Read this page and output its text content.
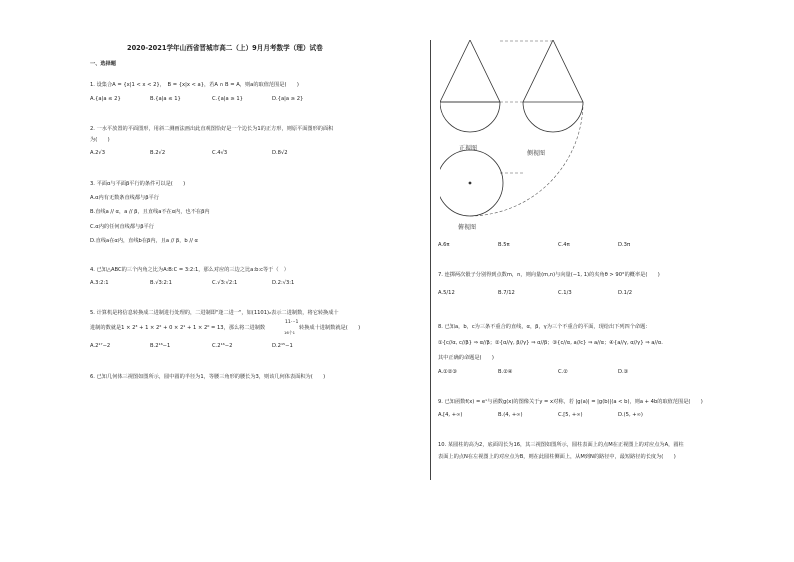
2020-2021学年山西省晋城市高二（上）9月月考数学（理）试卷
一、选择题
1. 设集合A = {x|1 < x < 2}，　B = {x|x < a}，若A ∩ B = A，则a的取值范围是(　　)
A.{a|a ≤ 2}	B.{a|a ≤ 1}	C.{a|a ≥ 1}	D.{a|a ≥ 2}
2. 一水平放置的平面图形，用斜二测画法画出此直观图恰好是一个边长为1的正方形，则原平面图形的面积
为(　　)
A.2√3	B.2√2	C.4√3	D.8√2
3. 平面α与平面β平行的条件可以是(　　)
A.α内有无数条直线都与β平行
B.直线a // α，a // β，且直线a不在α内，也不在β内
C.α内的任何直线都与β平行
D.直线a在α内，直线b在β内，且a // β，b // α
4. 已知△ABC的三个内角之比为A:B:C = 3:2:1，那么对应的三边之比a:b:c等于（　）
A.3:2:1	B.√3:2:1	C.√3:√2:1	D.2:√3:1
5. 计算机是将信息转换成二进制进行处理的，二进制即"逢二进一"，如(1101)₂表示二进制数，将它转换成十
进制的数就是1 × 2³ + 1 × 2² + 0 × 2¹ + 1 × 2⁰ = 13，那么将二进制数
11⋯1
16个1
转换成十进制数就是(　　)
A.2¹⁷−2	B.2¹⁶−1	C.2¹⁶−2	D.2¹⁵−1
6. 已知几何体三视图如图所示，圆中圆的半径为1，等腰三角形的腰长为3，则该几何体表面积为(　　)
正视图
侧视图
俯视图
A.6π	B.5π	C.4π	D.3π
7. 连掷两次骰子分别得到点数m，n，则向量(m,n)与向量(−1, 1)的夹角θ > 90°的概率是(　　)
A.5/12	B.7/12	C.1/3	D.1/2
8. 已知a，b，c为三条不重合的直线，α，β，γ为三个不重合的平面，现给出下列四个命题：
①{c//α, c//β} ⇒ α//β；②{α//γ, β//γ} ⇒ α//β；③{c//α, a//c} ⇒ a//α；④{a//γ, α//γ} ⇒ a//α.
其中正确的命题是(　　)
A.①②③	B.②④	C.②	D.③
9. 已知函数f(x) = eˣ与函数g(x)的图像关于y = x对称，若 |g(a)| = |g(b)|(a < b)，则a + 4b的取值范围是(　　)
A.[4, +∞)	B.(4, +∞)	C.[5, +∞)	D.(5, +∞)
10. 某圆柱的高为2，底面周长为16，其三视图如图所示，圆柱表面上的点M在正视图上的对应点为A，圆柱
表面上的点N在左视图上的对应点为B，则在此圆柱侧面上，从M到N的路径中，最短路径的长度为(　　)
